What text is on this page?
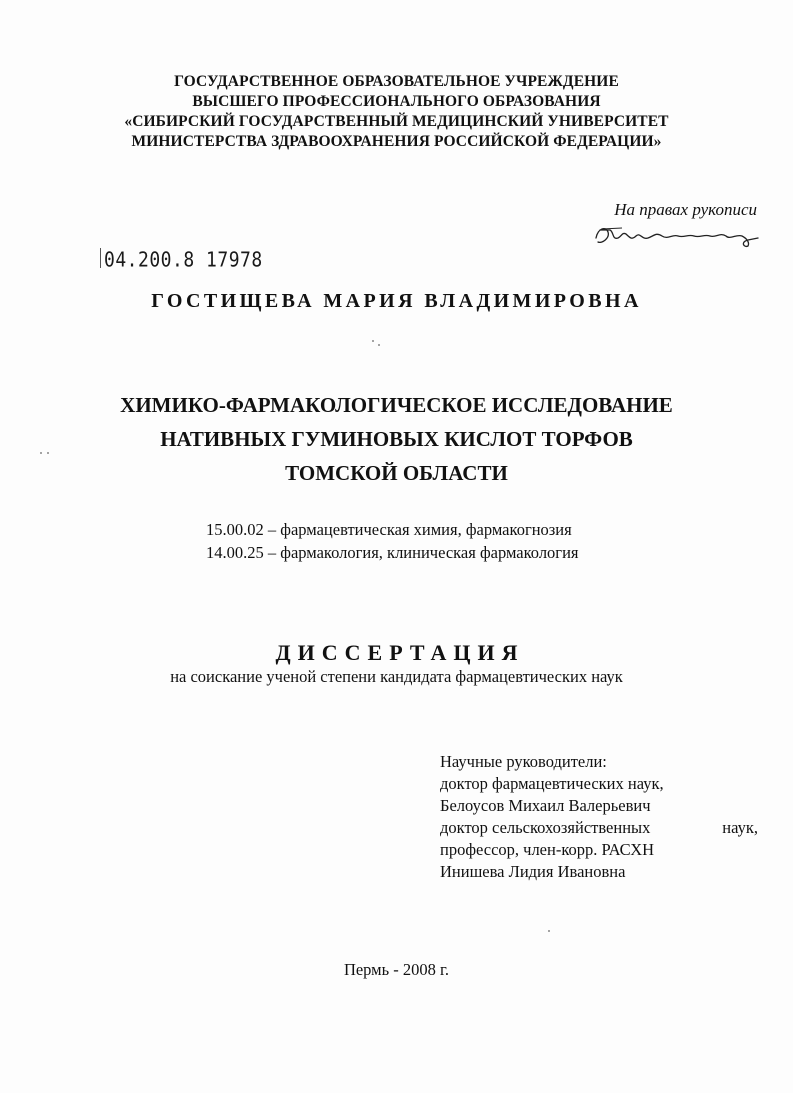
ГОСУДАРСТВЕННОЕ ОБРАЗОВАТЕЛЬНОЕ УЧРЕЖДЕНИЕ
ВЫСШЕГО ПРОФЕССИОНАЛЬНОГО ОБРАЗОВАНИЯ
«СИБИРСКИЙ ГОСУДАРСТВЕННЫЙ МЕДИЦИНСКИЙ УНИВЕРСИТЕТ
МИНИСТЕРСТВА ЗДРАВООХРАНЕНИЯ РОССИЙСКОЙ ФЕДЕРАЦИИ»
На правах рукописи
04.200.8 17978
ГОСТИЩЕВА МАРИЯ ВЛАДИМИРОВНА
ХИМИКО-ФАРМАКОЛОГИЧЕСКОЕ ИССЛЕДОВАНИЕ
НАТИВНЫХ ГУМИНОВЫХ КИСЛОТ ТОРФОВ
ТОМСКОЙ ОБЛАСТИ
15.00.02 – фармацевтическая химия, фармакогнозия
14.00.25 – фармакология, клиническая фармакология
ДИССЕРТАЦИЯ
на соискание ученой степени кандидата фармацевтических наук
Научные руководители:
доктор фармацевтических наук,
Белоусов Михаил Валерьевич
доктор сельскохозяйственных	наук,
профессор, член-корр. РАСХН
Инишева Лидия Ивановна
Пермь - 2008 г.
